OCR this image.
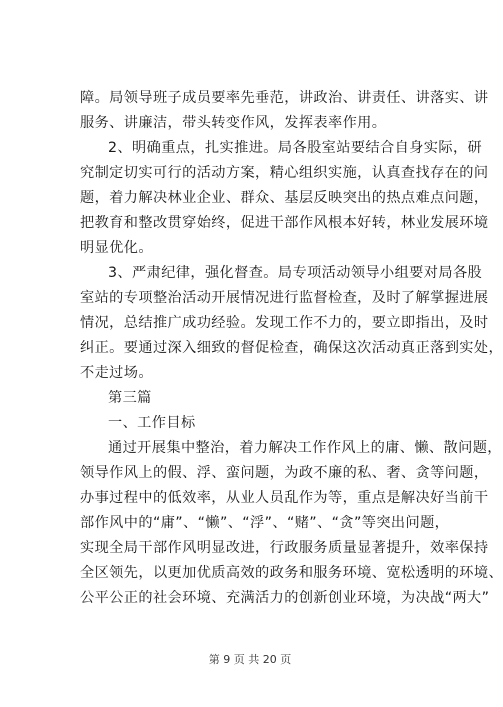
障。局领导班子成员要率先垂范，讲政治、讲责任、讲落实、讲
服务、讲廉洁，带头转变作风，发挥表率作用。
2、明确重点，扎实推进。局各股室站要结合自身实际，研
究制定切实可行的活动方案，精心组织实施，认真查找存在的问
题，着力解决林业企业、群众、基层反映突出的热点难点问题，
把教育和整改贯穿始终，促进干部作风根本好转，林业发展环境
明显优化。
3、严肃纪律，强化督查。局专项活动领导小组要对局各股
室站的专项整治活动开展情况进行监督检查，及时了解掌握进展
情况，总结推广成功经验。发现工作不力的，要立即指出，及时
纠正。要通过深入细致的督促检查，确保这次活动真正落到实处，
不走过场。
第三篇
一、工作目标
通过开展集中整治，着力解决工作作风上的庸、懒、散问题，
领导作风上的假、浮、蛮问题，为政不廉的私、奢、贪等问题，
办事过程中的低效率，从业人员乱作为等，重点是解决好当前干
部作风中的“庸”、“懒”、“浮”、“赌”、“贪”等突出问题，
实现全局干部作风明显改进，行政服务质量显著提升，效率保持
全区领先，以更加优质高效的政务和服务环境、宽松透明的环境、
公平公正的社会环境、充满活力的创新创业环境，为决战“两大”
第 9 页 共 20 页
